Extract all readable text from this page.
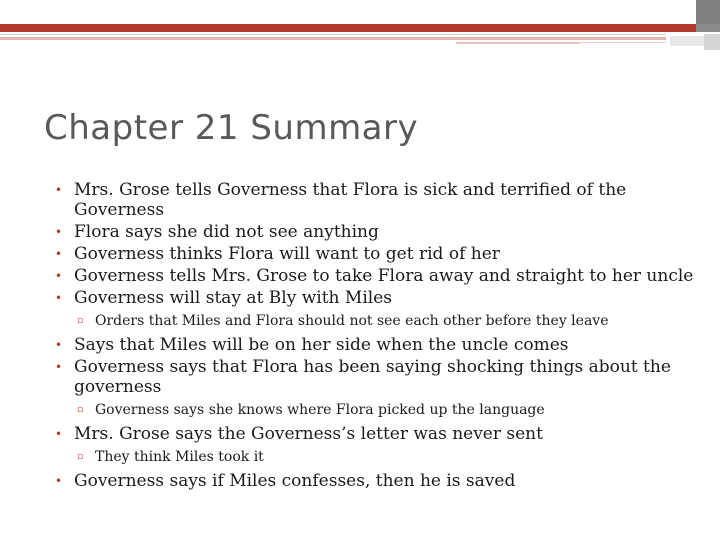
Chapter 21 Summary
• Mrs. Grose tells Governess that Flora is sick and terrified of the Governess
• Flora says she did not see anything
• Governess thinks Flora will want to get rid of her
• Governess tells Mrs. Grose to take Flora away and straight to her uncle
• Governess will stay at Bly with Miles
▫ Orders that Miles and Flora should not see each other before they leave
• Says that Miles will be on her side when the uncle comes
• Governess says that Flora has been saying shocking things about the governess
▫ Governess says she knows where Flora picked up the language
• Mrs. Grose says the Governess’s letter was never sent
▫ They think Miles took it
• Governess says if Miles confesses, then he is saved
